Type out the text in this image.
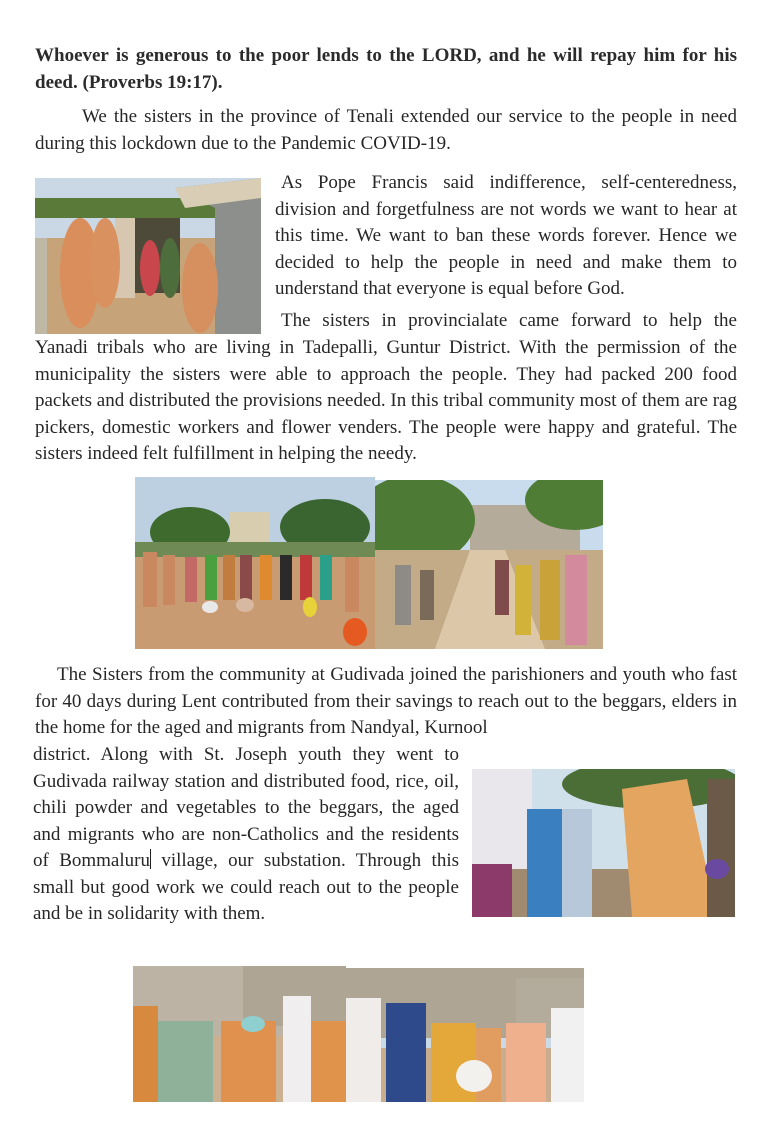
Whoever is generous to the poor lends to the LORD, and he will repay him for his deed. (Proverbs 19:17).

We the sisters in the province of Tenali extended our service to the people in need during this lockdown due to the Pandemic COVID-19.

As Pope Francis said indifference, self-centeredness, division and forgetfulness are not words we want to hear at this time. We want to ban these words forever. Hence we decided to help the people in need and make them to understand that everyone is equal before God.

The sisters in provincialate came forward to help the

Yanadi tribals who are living in Tadepalli, Guntur District. With the permission of the municipality the sisters were able to approach the people. They had packed 200 food packets and distributed the provisions needed. In this tribal community most of them are rag pickers, domestic workers and flower venders. The people were happy and grateful. The sisters indeed felt fulfillment in helping the needy.

The Sisters from the community at Gudivada joined the parishioners and youth who fast for 40 days during Lent contributed from their savings to reach out to the beggars, elders in the home for the aged and migrants from Nandyal, Kurnool

district. Along with St. Joseph youth they went to Gudivada railway station and distributed food, rice, oil, chili powder and vegetables to the beggars, the aged and migrants who are non-Catholics and the residents of Bommaluru village, our substation. Through this small but good work we could reach out to the people and be in solidarity with them.
